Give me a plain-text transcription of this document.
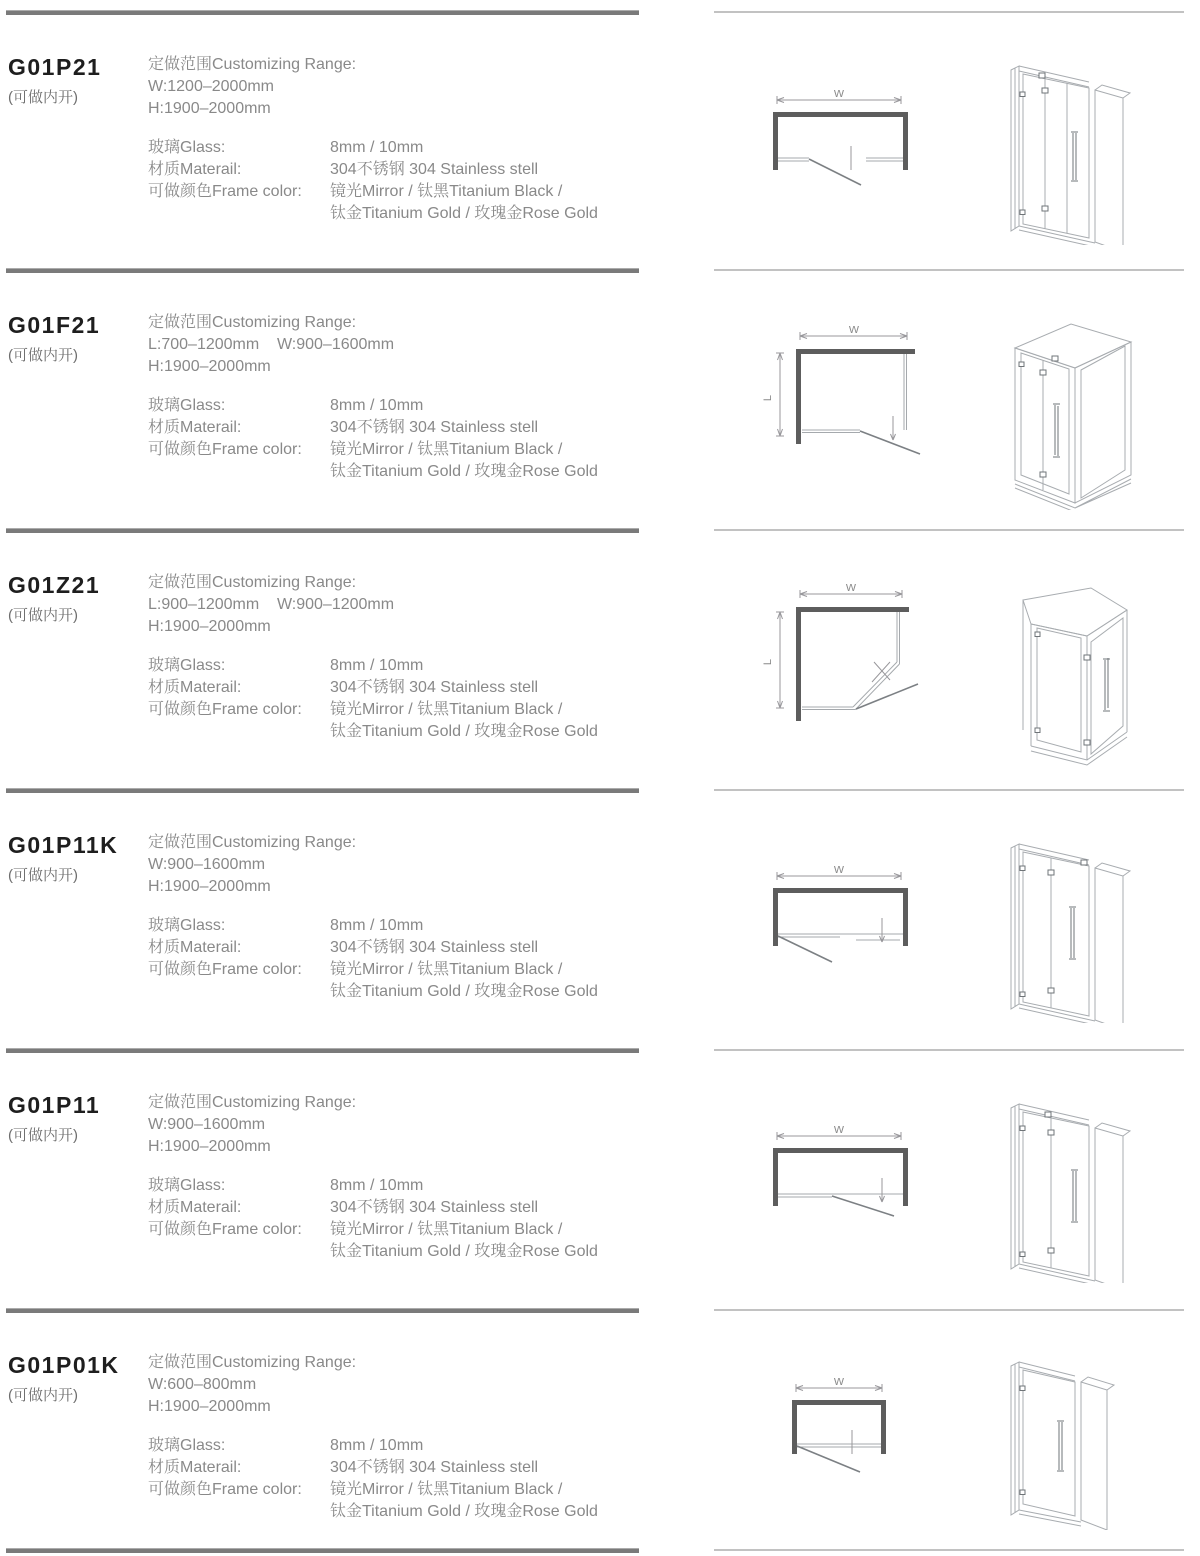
G01P21
(可做内开)
定做范围Customizing Range:
W:1200–2000mm
H:1900–2000mm
玻璃Glass:	8mm / 10mm
材质Materail:	304不锈钢 304 Stainless stell
可做颜色Frame color:	镜光Mirror / 钛黑Titanium Black /
钛金Titanium Gold / 玫瑰金Rose Gold
W
G01F21
(可做内开)
定做范围Customizing Range:
L:700–1200mm    W:900–1600mm
H:1900–2000mm
玻璃Glass:	8mm / 10mm
材质Materail:	304不锈钢 304 Stainless stell
可做颜色Frame color:	镜光Mirror / 钛黑Titanium Black /
钛金Titanium Gold / 玫瑰金Rose Gold
W
L
G01Z21
(可做内开)
定做范围Customizing Range:
L:900–1200mm    W:900–1200mm
H:1900–2000mm
玻璃Glass:	8mm / 10mm
材质Materail:	304不锈钢 304 Stainless stell
可做颜色Frame color:	镜光Mirror / 钛黑Titanium Black /
钛金Titanium Gold / 玫瑰金Rose Gold
W
L
G01P11K
(可做内开)
定做范围Customizing Range:
W:900–1600mm
H:1900–2000mm
玻璃Glass:	8mm / 10mm
材质Materail:	304不锈钢 304 Stainless stell
可做颜色Frame color:	镜光Mirror / 钛黑Titanium Black /
钛金Titanium Gold / 玫瑰金Rose Gold
W
G01P11
(可做内开)
定做范围Customizing Range:
W:900–1600mm
H:1900–2000mm
玻璃Glass:	8mm / 10mm
材质Materail:	304不锈钢 304 Stainless stell
可做颜色Frame color:	镜光Mirror / 钛黑Titanium Black /
钛金Titanium Gold / 玫瑰金Rose Gold
W
G01P01K
(可做内开)
定做范围Customizing Range:
W:600–800mm
H:1900–2000mm
玻璃Glass:	8mm / 10mm
材质Materail:	304不锈钢 304 Stainless stell
可做颜色Frame color:	镜光Mirror / 钛黑Titanium Black /
钛金Titanium Gold / 玫瑰金Rose Gold
W
